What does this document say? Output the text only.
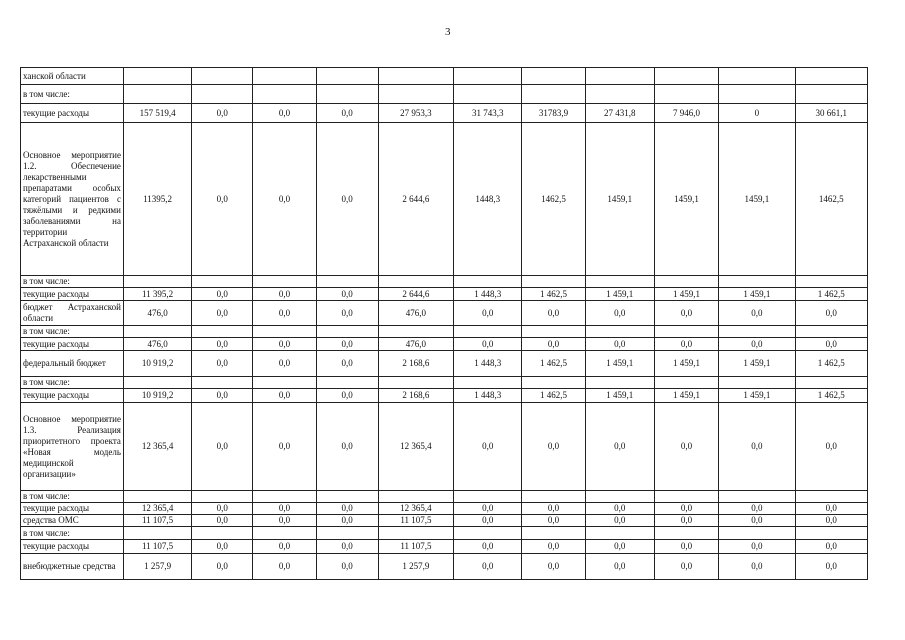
3
ханской области											
в том числе:											
текущие расходы	157 519,4	0,0	0,0	0,0	27 953,3	31 743,3	31783,9	27 431,8	7 946,0	0	30 661,1
Основное мероприятие 1.2. Обеспечение лекарственными препаратами особых категорий пациентов с тяжёлыми и редкими заболеваниями на территории Астраханской области	11395,2	0,0	0,0	0,0	2 644,6	1448,3	1462,5	1459,1	1459,1	1459,1	1462,5
в том числе:											
текущие расходы	11 395,2	0,0	0,0	0,0	2 644,6	1 448,3	1 462,5	1 459,1	1 459,1	1 459,1	1 462,5
бюджет Астраханской области	476,0	0,0	0,0	0,0	476,0	0,0	0,0	0,0	0,0	0,0	0,0
в том числе:											
текущие расходы	476,0	0,0	0,0	0,0	476,0	0,0	0,0	0,0	0,0	0,0	0,0
федеральный бюджет	10 919,2	0,0	0,0	0,0	2 168,6	1 448,3	1 462,5	1 459,1	1 459,1	1 459,1	1 462,5
в том числе:											
текущие расходы	10 919,2	0,0	0,0	0,0	2 168,6	1 448,3	1 462,5	1 459,1	1 459,1	1 459,1	1 462,5
Основное мероприятие 1.3. Реализация приоритетного проекта «Новая модель медицинской организации»	12 365,4	0,0	0,0	0,0	12 365,4	0,0	0,0	0,0	0,0	0,0	0,0
в том числе:											
текущие расходы	12 365,4	0,0	0,0	0,0	12 365,4	0,0	0,0	0,0	0,0	0,0	0,0
средства ОМС	11 107,5	0,0	0,0	0,0	11 107,5	0,0	0,0	0,0	0,0	0,0	0,0
в том числе:											
текущие расходы	11 107,5	0,0	0,0	0,0	11 107,5	0,0	0,0	0,0	0,0	0,0	0,0
внебюджетные средства	1 257,9	0,0	0,0	0,0	1 257,9	0,0	0,0	0,0	0,0	0,0	0,0
